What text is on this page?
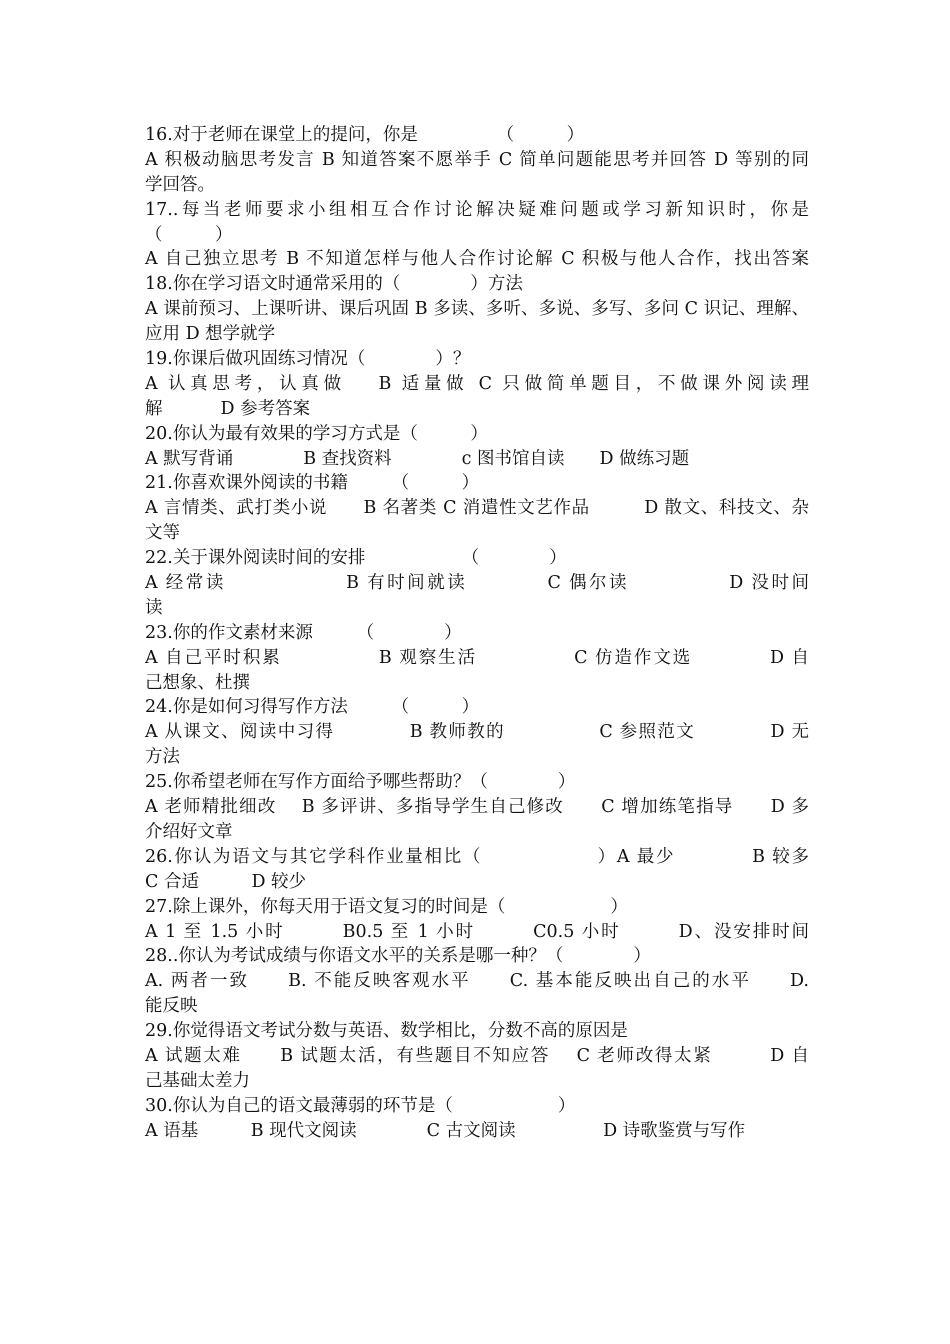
16.对于老师在课堂上的提问，你是　　　　　（　　　）
A 积极动脑思考发言 B 知道答案不愿举手 C 简单问题能思考并回答 D 等别的同
学回答。
17..每当老师要求小组相互合作讨论解决疑难问题或学习新知识时，你是
（　　　）
A 自己独立思考 B 不知道怎样与他人合作讨论解 C 积极与他人合作，找出答案
18.你在学习语文时通常采用的（　　　　）方法
A 课前预习、上课听讲、课后巩固 B 多读、多听、多说、多写、多问 C 识记、理解、
应用 D 想学就学
19.你课后做巩固练习情况（　　　　）？
A 认真思考，认真做　 B 适量做 C 只做简单题目，不做课外阅读理
解　　　 D 参考答案
20.你认为最有效果的学习方式是（　　　）
A 默写背诵　　　　B 查找资料　　　　c 图书馆自读　　D 做练习题
21.你喜欢课外阅读的书籍　　　（　　　）
A 言情类、武打类小说　　B 名著类 C 消遣性文艺作品　　　D 散文、科技文、杂
文等
22.关于课外阅读时间的安排　　　　　　（　　　　）
A 经常读　　　　　　B 有时间就读　　　　C 偶尔读　　　　　D 没时间
读
23.你的作文素材来源　　　（　　　　）
A 自己平时积累　　　　　B 观察生活　　　　　C 仿造作文选　　　　D 自
己想象、杜撰
24.你是如何习得写作方法　　　（　　　）
A 从课文、阅读中习得　　　　B 教师教的　　　　　C 参照范文　　　　D 无
方法
25.你希望老师在写作方面给予哪些帮助？（　　　　）
A 老师精批细改　 B 多评讲、多指导学生自己修改　　C 增加练笔指导　　D 多
介绍好文章
26.你认为语文与其它学科作业量相比（　　　　　　）A 最少　　　　B 较多
C 合适　　　D 较少
27.除上课外，你每天用于语文复习的时间是（　　　　　　）
A 1 至 1.5 小时　　　B0.5 至 1 小时　　　C0.5 小时　　　D、没安排时间
28..你认为考试成绩与你语文水平的关系是哪一种？（　　　　）
A. 两者一致　　B. 不能反映客观水平　　C. 基本能反映出自己的水平　　D.
能反映
29.你觉得语文考试分数与英语、数学相比，分数不高的原因是
A 试题太难　　B 试题太活，有些题目不知应答　 C 老师改得太紧　　　D 自
己基础太差力
30.你认为自己的语文最薄弱的环节是（　　　　　　）
A 语基　　　B 现代文阅读　　　　C 古文阅读　　　　　D 诗歌鉴赏与写作
